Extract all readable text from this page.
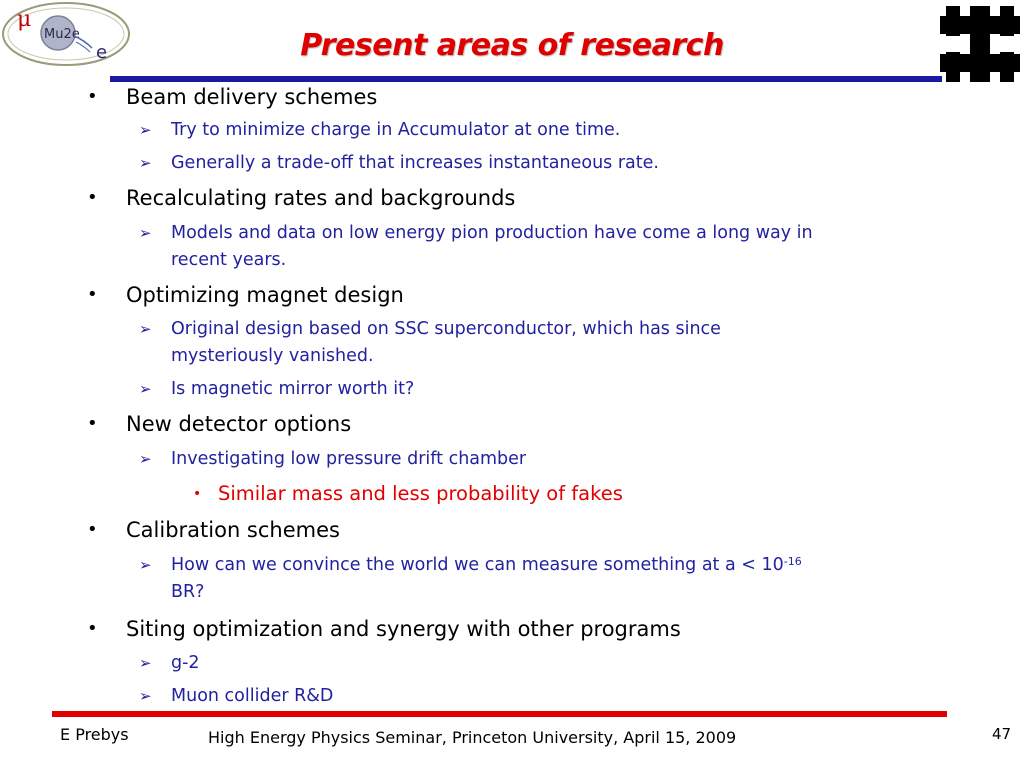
μ
Mu2e
e	Present areas of research
• Beam delivery schemes
➢ Try to minimize charge in Accumulator at one time.
➢ Generally a trade-off that increases instantaneous rate.
• Recalculating rates and backgrounds
➢ Models and data on low energy pion production have come a long way in
recent years.
• Optimizing magnet design
➢ Original design based on SSC superconductor, which has since
mysteriously vanished.
➢ Is magnetic mirror worth it?
• New detector options
➢ Investigating low pressure drift chamber
• Similar mass and less probability of fakes
• Calibration schemes
➢ How can we convince the world we can measure something at $a < 10^{-16}$
BR?
• Siting optimization and synergy with other programs
➢ g-2
➢ Muon collider R&D
E Prebys	High Energy Physics Seminar, Princeton University, April 15, 2009	47
